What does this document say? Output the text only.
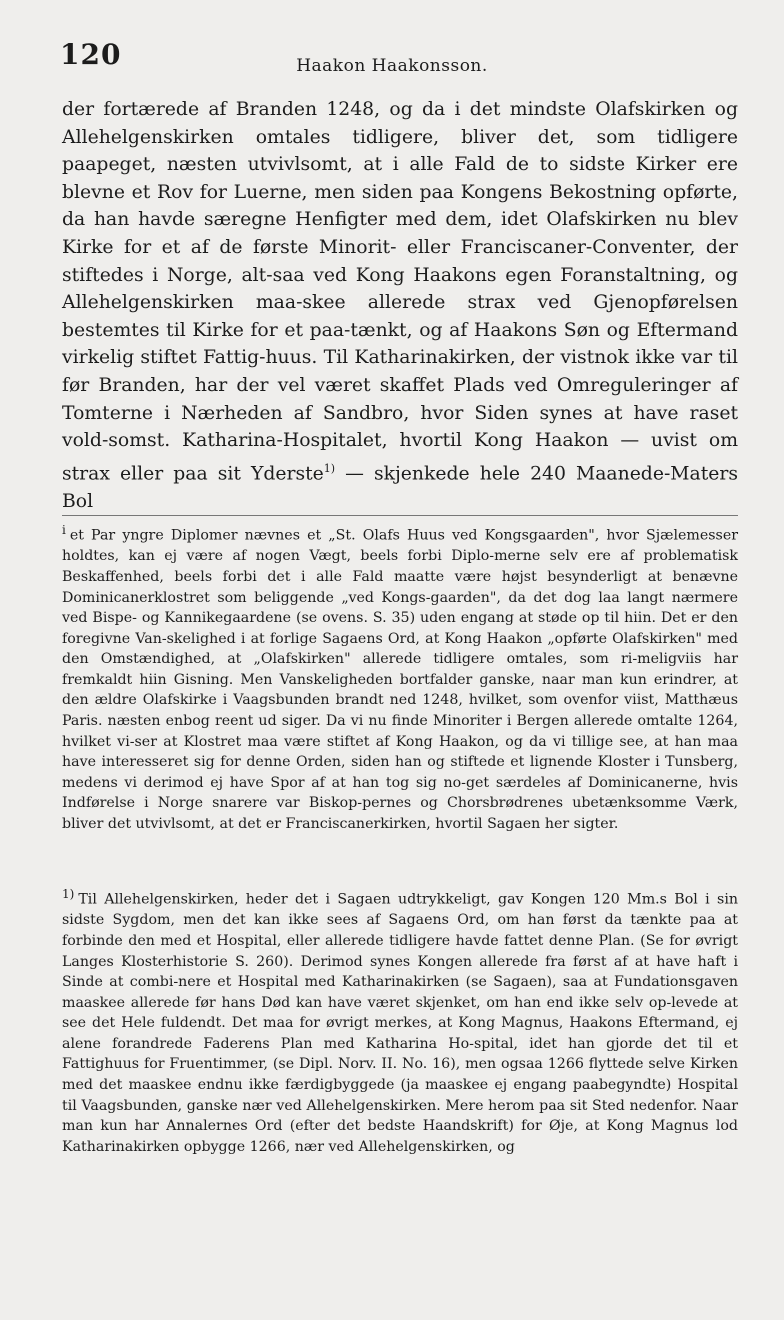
120	Haakon Haakonsson.

der fortærede af Branden 1248, og da i det mindste Olafskirken og Allehelgenskirken omtales tidligere, bliver det, som tidligere paapeget, næsten utvivlsomt, at i alle Fald de to sidste Kirker ere blevne et Rov for Luerne, men siden paa Kongens Bekostning opførte, da han havde særegne Henfigter med dem, idet Olafskirken nu blev Kirke for et af de første Minorit- eller Franciscaner-Conventer, der stiftedes i Norge, alt-saa ved Kong Haakons egen Foranstaltning, og Allehelgenskirken maa-skee allerede strax ved Gjenopførelsen bestemtes til Kirke for et paa-tænkt, og af Haakons Søn og Eftermand virkelig stiftet Fattig-huus. Til Katharinakirken, der vistnok ikke var til før Branden, har der vel været skaffet Plads ved Omreguleringer af Tomterne i Nærheden af Sandbro, hvor Siden synes at have raset vold-somst. Katharina-Hospitalet, hvortil Kong Haakon — uvist om strax eller paa sit Yderste$^{1)}$ — skjenkede hele 240 Maanede-Maters Bol

$^i$ et Par yngre Diplomer nævnes et „St. Olafs Huus ved Kongsgaarden", hvor Sjælemesser holdtes, kan ej være af nogen Vægt, beels forbi Diplo-merne selv ere af problematisk Beskaffenhed, beels forbi det i alle Fald maatte være højst besynderligt at benævne Dominicanerklostret som beliggende „ved Kongs-gaarden", da det dog laa langt nærmere ved Bispe- og Kannikegaardene (se ovens. S. 35) uden engang at støde op til hiin. Det er den foregivne Van-skelighed i at forlige Sagaens Ord, at Kong Haakon „opførte Olafskirken" med den Omstændighed, at „Olafskirken" allerede tidligere omtales, som ri-meligviis har fremkaldt hiin Gisning. Men Vanskeligheden bortfalder ganske, naar man kun erindrer, at den ældre Olafskirke i Vaagsbunden brandt ned 1248, hvilket, som ovenfor viist, Matthæus Paris. næsten enbog reent ud siger. Da vi nu finde Minoriter i Bergen allerede omtalte 1264, hvilket vi-ser at Klostret maa være stiftet af Kong Haakon, og da vi tillige see, at han maa have interesseret sig for denne Orden, siden han og stiftede et lignende Kloster i Tunsberg, medens vi derimod ej have Spor af at han tog sig no-get særdeles af Dominicanerne, hvis Indførelse i Norge snarere var Biskop-pernes og Chorsbrødrenes ubetænksomme Værk, bliver det utvivlsomt, at det er Franciscanerkirken, hvortil Sagaen her sigter.

$^{1)}$ Til Allehelgenskirken, heder det i Sagaen udtrykkeligt, gav Kongen 120 Mm.s Bol i sin sidste Sygdom, men det kan ikke sees af Sagaens Ord, om han først da tænkte paa at forbinde den med et Hospital, eller allerede tidligere havde fattet denne Plan. (Se for øvrigt Langes Klosterhistorie S. 260). Derimod synes Kongen allerede fra først af at have haft i Sinde at combi-nere et Hospital med Katharinakirken (se Sagaen), saa at Fundationsgaven maaskee allerede før hans Død kan have været skjenket, om han end ikke selv op-levede at see det Hele fuldendt. Det maa for øvrigt merkes, at Kong Magnus, Haakons Eftermand, ej alene forandrede Faderens Plan med Katharina Ho-spital, idet han gjorde det til et Fattighuus for Fruentimmer, (se Dipl. Norv. II. No. 16), men ogsaa 1266 flyttede selve Kirken med det maaskee endnu ikke færdigbyggede (ja maaskee ej engang paabegyndte) Hospital til Vaagsbunden, ganske nær ved Allehelgenskirken. Mere herom paa sit Sted nedenfor. Naar man kun har Annalernes Ord (efter det bedste Haandskrift) for Øje, at Kong Magnus lod Katharinakirken opbygge 1266, nær ved Allehelgenskirken, og
